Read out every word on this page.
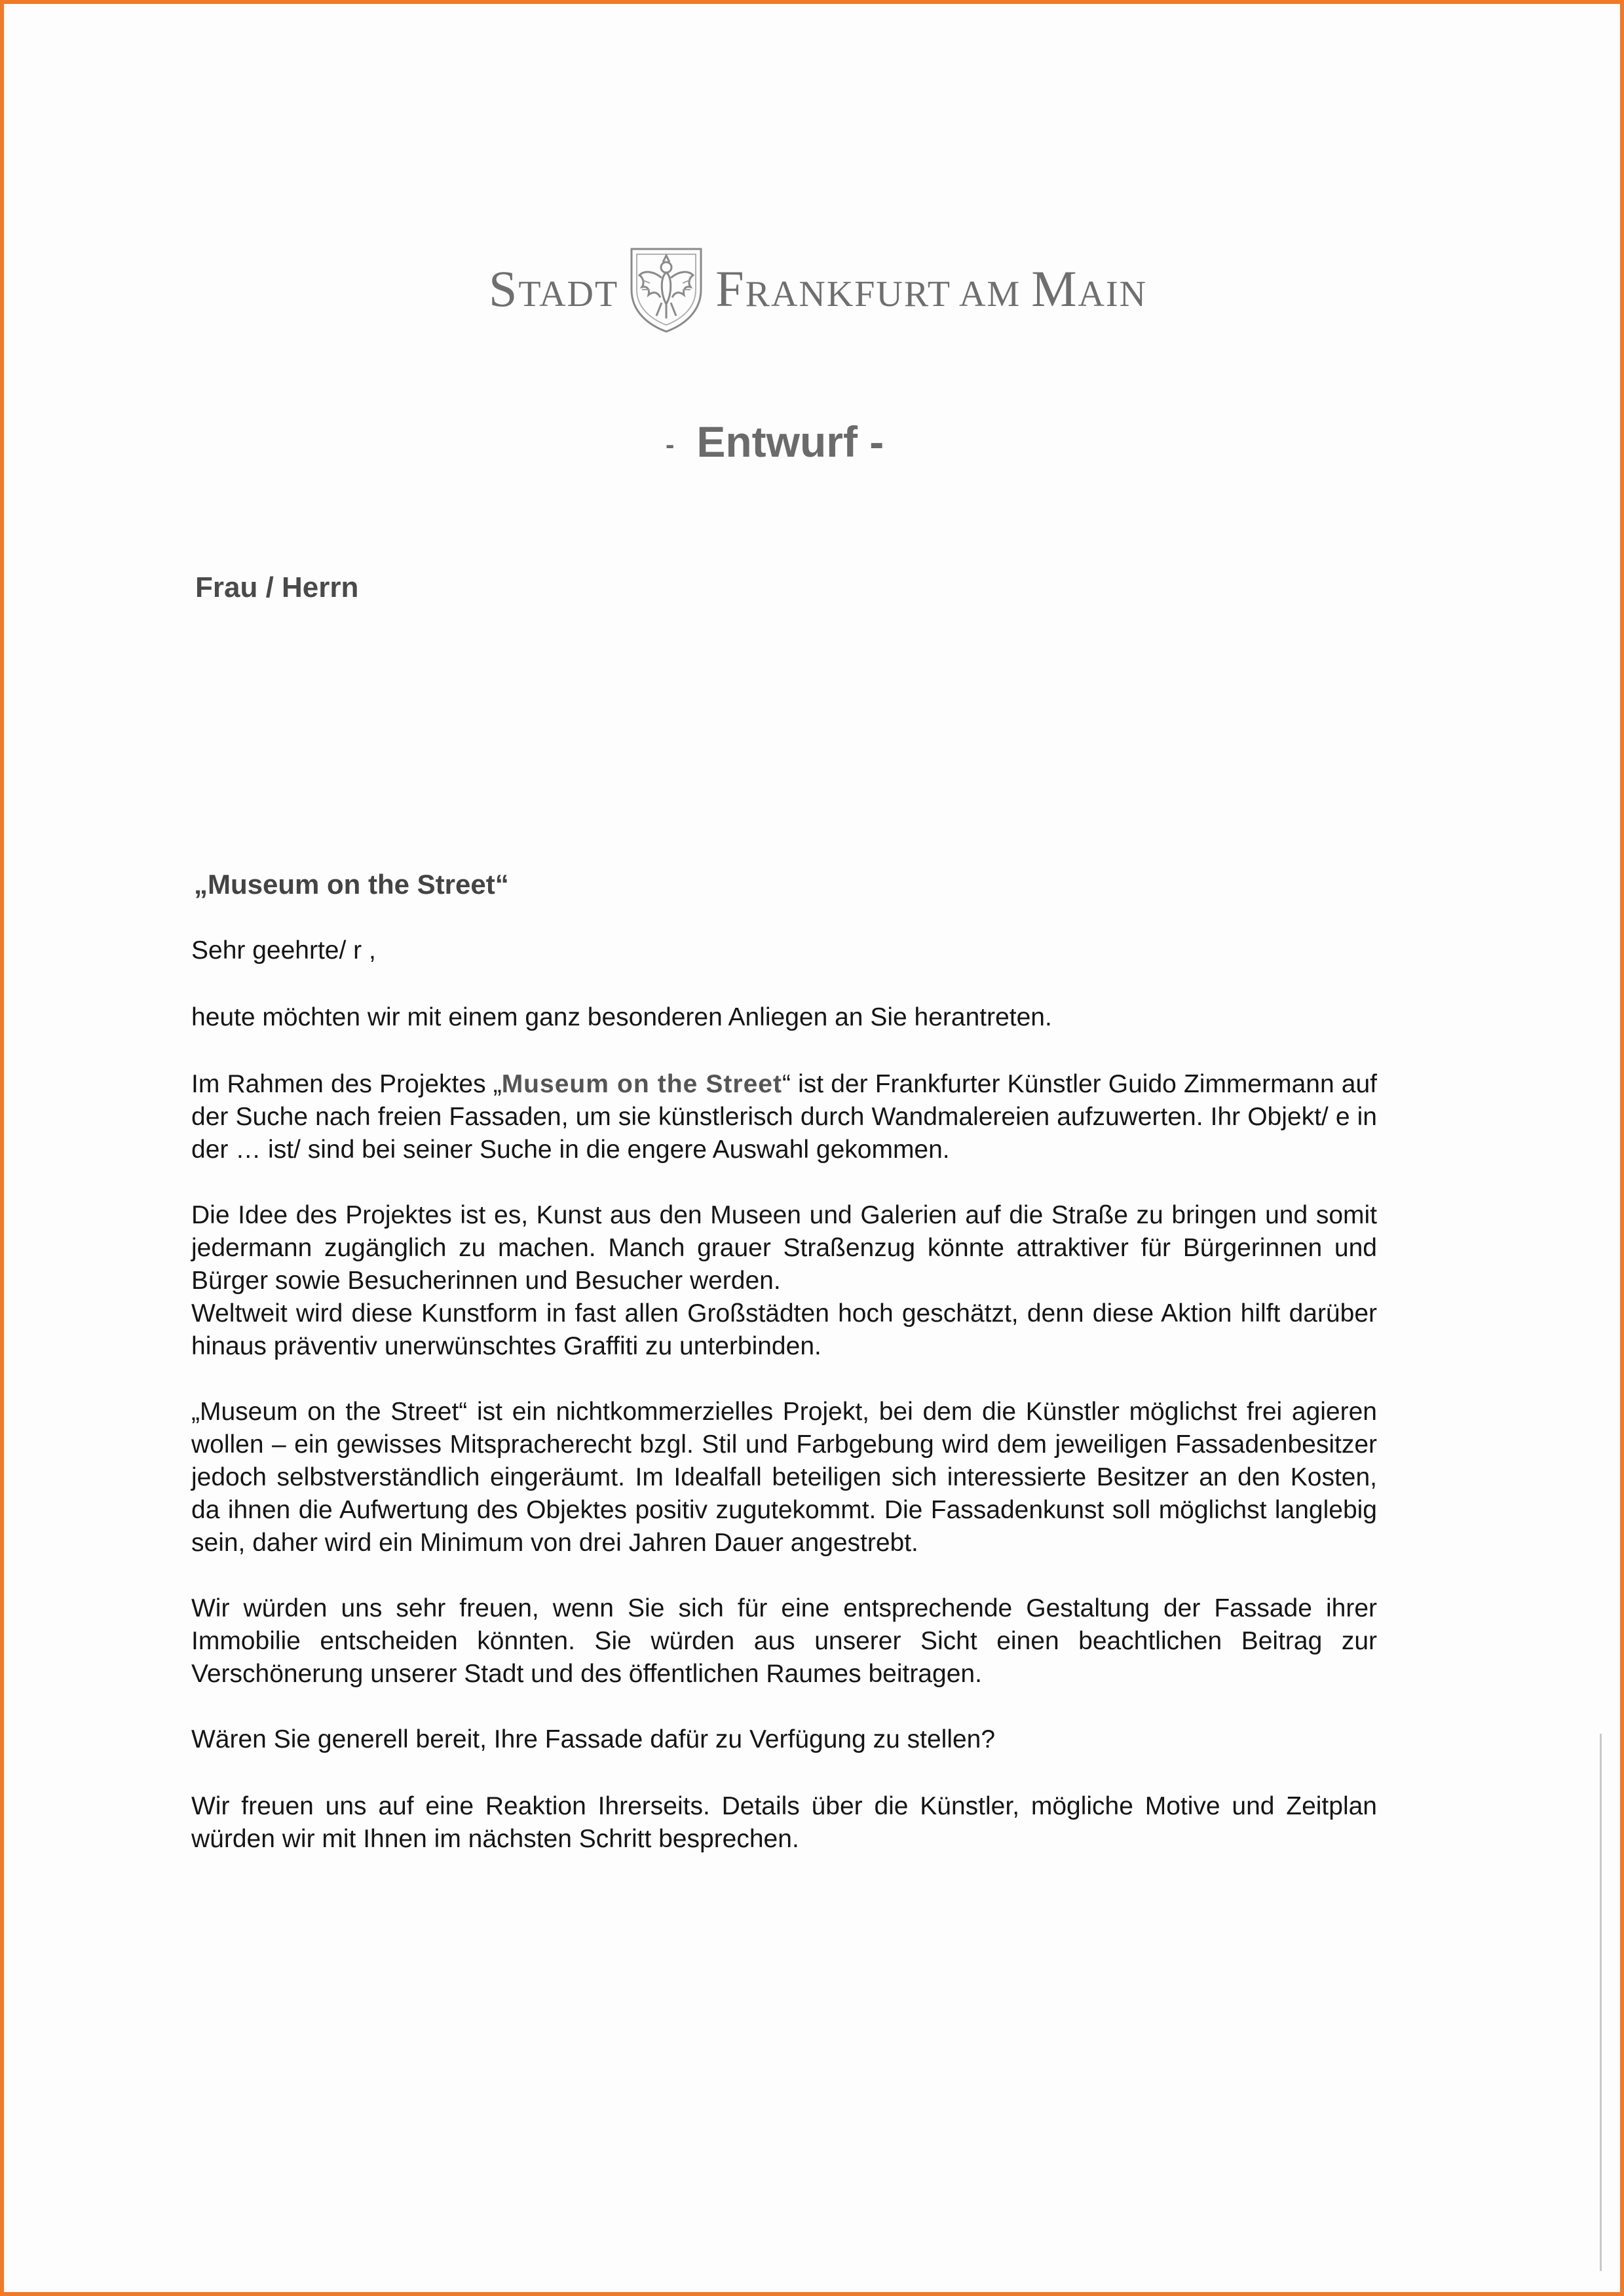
STADT FRANKFURT AM MAIN
- Entwurf -
Frau / Herrn
„Museum on the Street“

Sehr geehrte/ r ,

heute möchten wir mit einem ganz besonderen Anliegen an Sie herantreten.

Im Rahmen des Projektes „Museum on the Street“ ist der Frankfurter Künstler Guido Zimmermann auf der Suche nach freien Fassaden, um sie künstlerisch durch Wandmalereien aufzuwerten. Ihr Objekt/ e in der … ist/ sind bei seiner Suche in die engere Auswahl gekommen.

Die Idee des Projektes ist es, Kunst aus den Museen und Galerien auf die Straße zu bringen und somit jedermann zugänglich zu machen. Manch grauer Straßenzug könnte attraktiver für Bürgerinnen und Bürger sowie Besucherinnen und Besucher werden.

Weltweit wird diese Kunstform in fast allen Großstädten hoch geschätzt, denn diese Aktion hilft darüber hinaus präventiv unerwünschtes Graffiti zu unterbinden.

„Museum on the Street“ ist ein nichtkommerzielles Projekt, bei dem die Künstler möglichst frei agieren wollen – ein gewisses Mitspracherecht bzgl. Stil und Farbgebung wird dem jeweiligen Fassadenbesitzer jedoch selbstverständlich eingeräumt. Im Idealfall beteiligen sich interessierte Besitzer an den Kosten, da ihnen die Aufwertung des Objektes positiv zugutekommt. Die Fassadenkunst soll möglichst langlebig sein, daher wird ein Minimum von drei Jahren Dauer angestrebt.

Wir würden uns sehr freuen, wenn Sie sich für eine entsprechende Gestaltung der Fassade ihrer Immobilie entscheiden könnten. Sie würden aus unserer Sicht einen beachtlichen Beitrag zur Verschönerung unserer Stadt und des öffentlichen Raumes beitragen.

Wären Sie generell bereit, Ihre Fassade dafür zu Verfügung zu stellen?

Wir freuen uns auf eine Reaktion Ihrerseits. Details über die Künstler, mögliche Motive und Zeitplan würden wir mit Ihnen im nächsten Schritt besprechen.
